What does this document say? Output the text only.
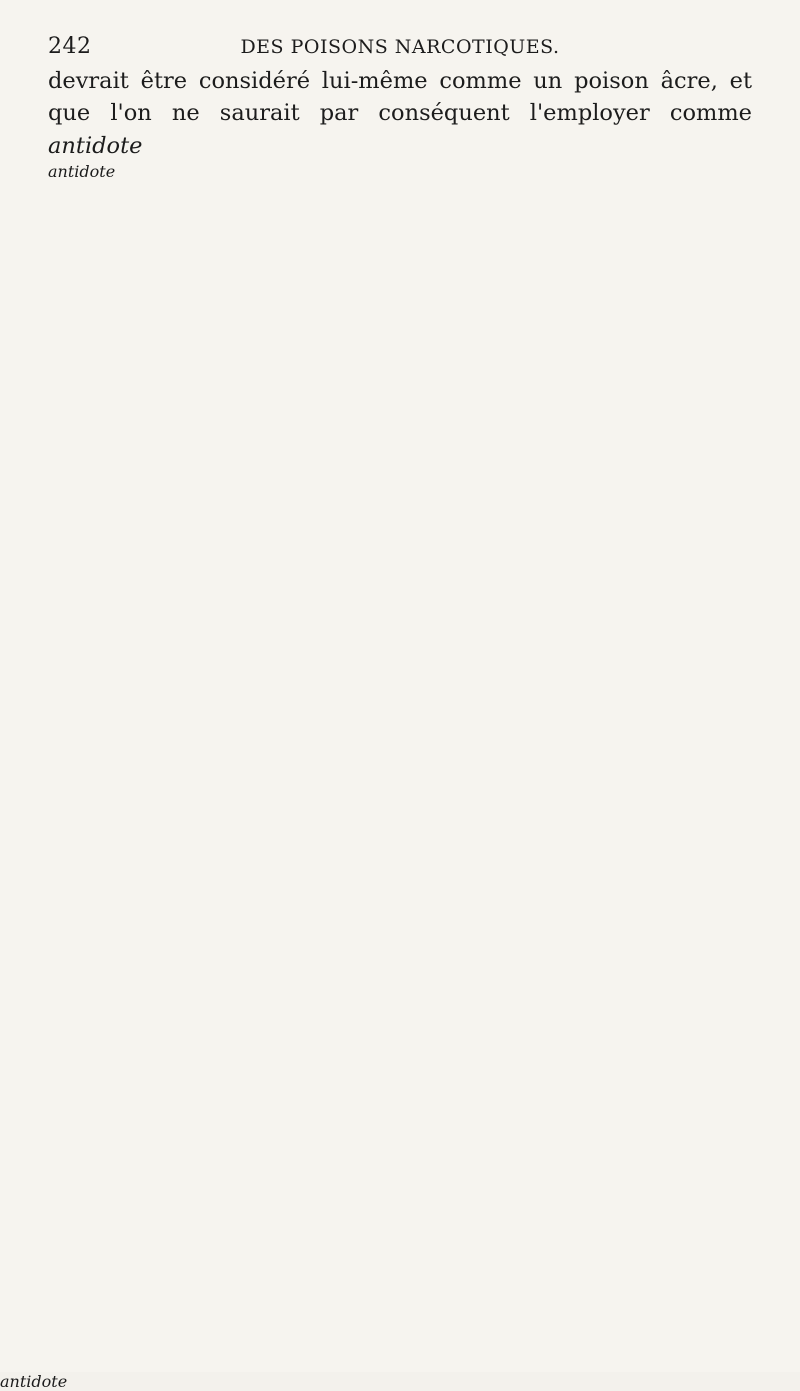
242	DES POISONS NARCOTIQUES.

devrait être considéré lui-même comme un poison âcre, et que l'on ne saurait par conséquent l'employer comme antidote

antidote
antidote
